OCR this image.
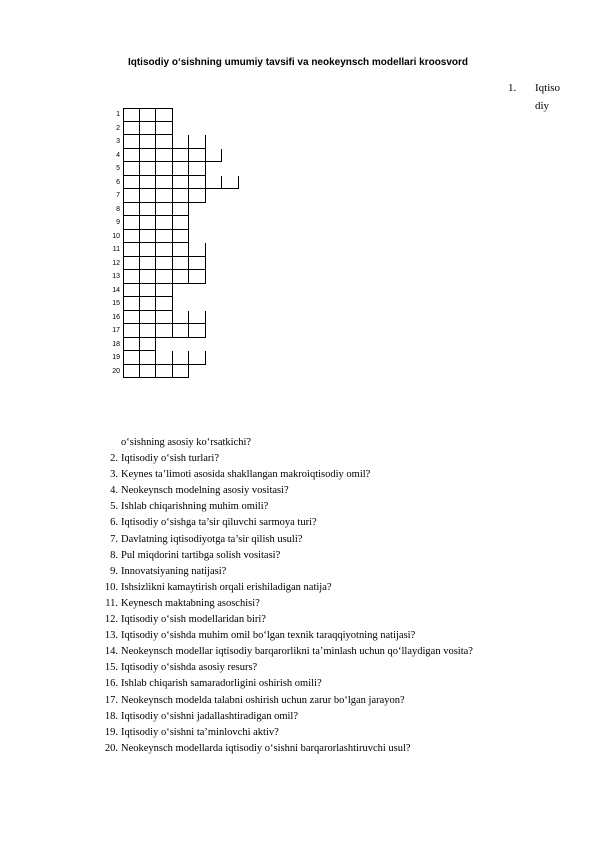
Iqtisodiy o‘sishning umumiy tavsifi va neokeynsch modellari kroosvord
1. Iqtisodiy
1
2
3
4
5
6
7
8
9
10
11
12
13
14
15
16
17
18
19
20
o‘sishning asosiy ko‘rsatkichi?
2. Iqtisodiy o‘sish turlari?
3. Keynes ta’limoti asosida shakllangan makroiqtisodiy omil?
4. Neokeynsch modelning asosiy vositasi?
5. Ishlab chiqarishning muhim omili?
6. Iqtisodiy o‘sishga ta’sir qiluvchi sarmoya turi?
7. Davlatning iqtisodiyotga ta’sir qilish usuli?
8. Pul miqdorini tartibga solish vositasi?
9. Innovatsiyaning natijasi?
10. Ishsizlikni kamaytirish orqali erishiladigan natija?
11. Keynesch maktabning asoschisi?
12. Iqtisodiy o‘sish modellaridan biri?
13. Iqtisodiy o‘sishda muhim omil bo‘lgan texnik taraqqiyotning natijasi?
14. Neokeynsch modellar iqtisodiy barqarorlikni ta’minlash uchun qo‘llaydigan vosita?
15. Iqtisodiy o‘sishda asosiy resurs?
16. Ishlab chiqarish samaradorligini oshirish omili?
17. Neokeynsch modelda talabni oshirish uchun zarur bo‘lgan jarayon?
18. Iqtisodiy o‘sishni jadallashtiradigan omil?
19. Iqtisodiy o‘sishni ta’minlovchi aktiv?
20. Neokeynsch modellarda iqtisodiy o‘sishni barqarorlashtiruvchi usul?
